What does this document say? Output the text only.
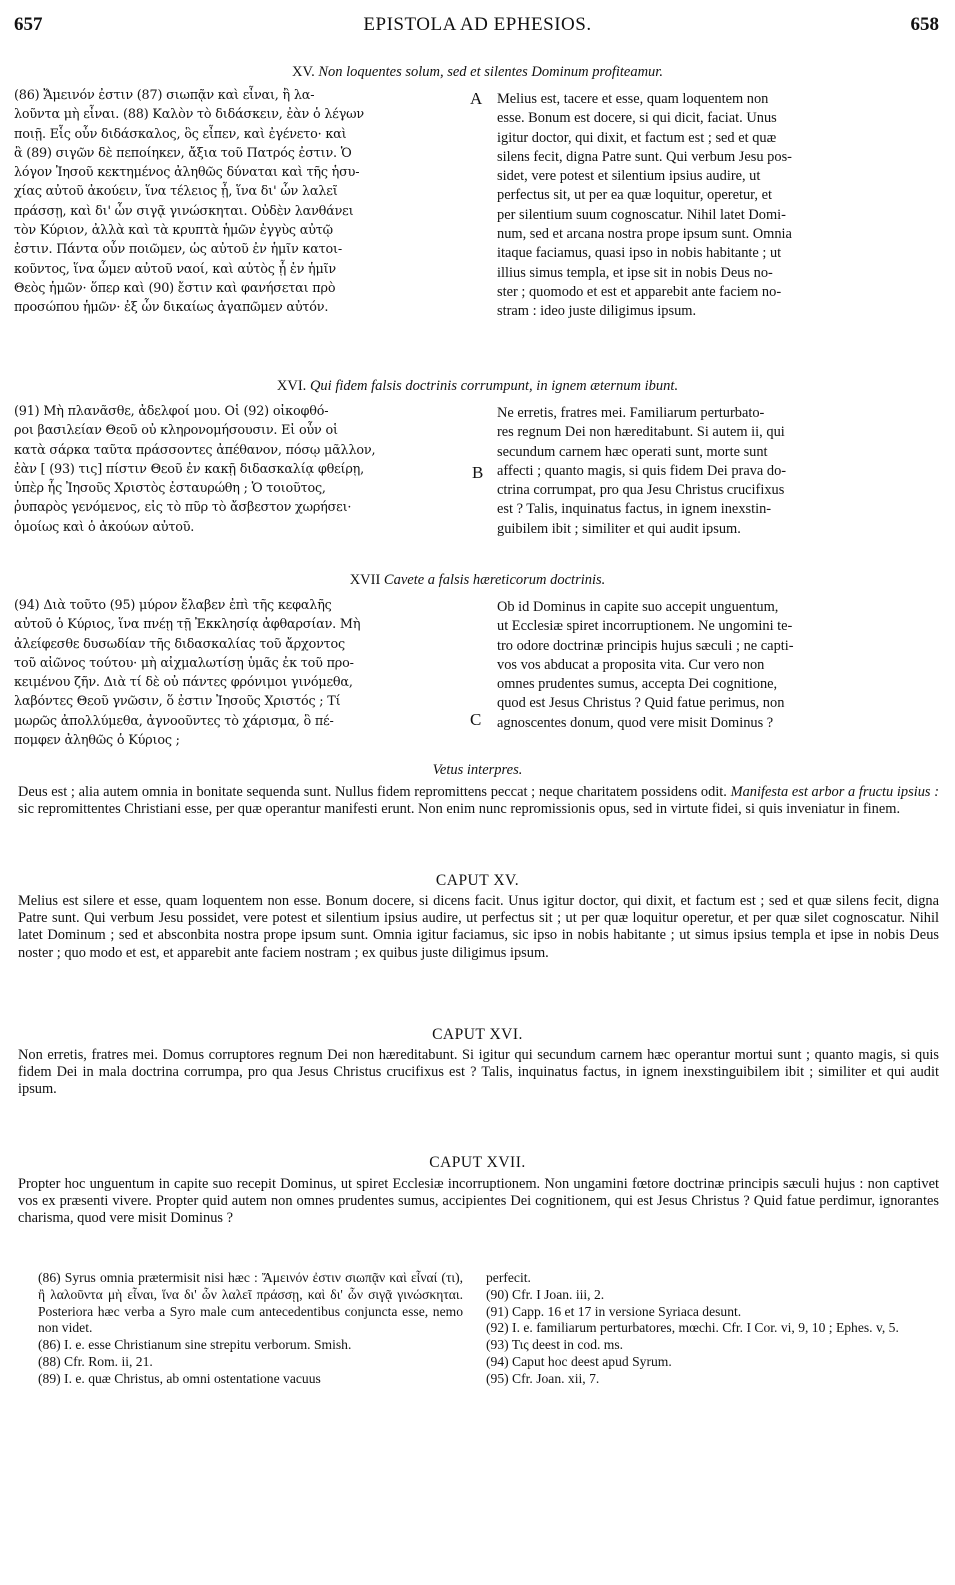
657	EPISTOLA AD EPHESIOS.	658
XV. Non loquentes solum, sed et silentes Dominum profiteamur.

(86) Ἄμεινόν ἐστιν (87) σιωπᾷν καὶ εἶναι, ἢ λα-

λοῦντα μὴ εἶναι. (88) Καλὸν τὸ διδάσκειν, ἐὰν ὁ λέγων

ποιῇ. Εἷς οὖν διδάσκαλος, ὃς εἶπεν, καὶ ἐγένετο· καὶ

ἃ (89) σιγῶν δὲ πεποίηκεν, ἄξια τοῦ Πατρός ἐστιν. Ὁ

λόγον Ἰησοῦ κεκτημένος ἀληθῶς δύναται καὶ τῆς ἡσυ-

χίας αὐτοῦ ἀκούειν, ἵνα τέλειος ᾖ, ἵνα δι' ὧν λαλεῖ

πράσσῃ, καὶ δι' ὧν σιγᾷ γινώσκηται. Οὐδὲν λανθάνει

τὸν Κύριον, ἀλλὰ καὶ τὰ κρυπτὰ ἡμῶν ἐγγὺς αὐτῷ

ἐστιν. Πάντα οὖν ποιῶμεν, ὡς αὐτοῦ ἐν ἡμῖν κατοι-

κοῦντος, ἵνα ὦμεν αὐτοῦ ναοί, καὶ αὐτὸς ᾖ ἐν ἡμῖν

Θεὸς ἡμῶν· ὅπερ καὶ (90) ἔστιν καὶ φανήσεται πρὸ

προσώπου ἡμῶν· ἐξ ὧν δικαίως ἀγαπῶμεν αὐτόν.

A Melius est, tacere et esse, quam loquentem non

esse. Bonum est docere, si qui dicit, faciat. Unus

igitur doctor, qui dixit, et factum est ; sed et quæ

silens fecit, digna Patre sunt. Qui verbum Jesu pos-

sidet, vere potest et silentium ipsius audire, ut

perfectus sit, ut per ea quæ loquitur, operetur, et

per silentium suum cognoscatur. Nihil latet Domi-

num, sed et arcana nostra prope ipsum sunt. Omnia

itaque faciamus, quasi ipso in nobis habitante ; ut

illius simus templa, et ipse sit in nobis Deus no-

ster ; quomodo et est et apparebit ante faciem no-

stram : ideo juste diligimus ipsum.

XVI. Qui fidem falsis doctrinis corrumpunt, in ignem æternum ibunt.

(91) Μὴ πλανᾶσθε, ἀδελφοί μου. Οἱ (92) οἰκοφθό-

ροι βασιλείαν Θεοῦ οὐ κληρονομήσουσιν. Εἰ οὖν οἱ

κατὰ σάρκα ταῦτα πράσσοντες ἀπέθανον, πόσῳ μᾶλλον,

ἐὰν [ (93) τις] πίστιν Θεοῦ ἐν κακῇ διδασκαλίᾳ φθείρῃ,

ὑπὲρ ἧς Ἰησοῦς Χριστὸς ἐσταυρώθη ; Ὁ τοιοῦτος,

ῥυπαρὸς γενόμενος, εἰς τὸ πῦρ τὸ ἄσβεστον χωρήσει·

ὁμοίως καὶ ὁ ἀκούων αὐτοῦ.

B

Ne erretis, fratres mei. Familiarum perturbato-

res regnum Dei non hæreditabunt. Si autem ii, qui

secundum carnem hæc operati sunt, morte sunt

affecti ; quanto magis, si quis fidem Dei prava do-

ctrina corrumpat, pro qua Jesu Christus crucifixus

est ? Talis, inquinatus factus, in ignem inexstin-

guibilem ibit ; similiter et qui audit ipsum.

XVII Cavete a falsis hæreticorum doctrinis.

(94) Διὰ τοῦτο (95) μύρον ἔλαβεν ἐπὶ τῆς κεφαλῆς

αὐτοῦ ὁ Κύριος, ἵνα πνέῃ τῇ Ἐκκλησίᾳ ἀφθαρσίαν. Μὴ

ἀλείφεσθε δυσωδίαν τῆς διδασκαλίας τοῦ ἄρχοντος

τοῦ αἰῶνος τούτου· μὴ αἰχμαλωτίσῃ ὑμᾶς ἐκ τοῦ προ-

κειμένου ζῆν. Διὰ τί δὲ οὐ πάντες φρόνιμοι γινόμεθα,

λαβόντες Θεοῦ γνῶσιν, ὅ ἐστιν Ἰησοῦς Χριστός ; Τί

μωρῶς ἀπολλύμεθα, ἀγνοοῦντες τὸ χάρισμα, ὃ πέ-

πομφεν ἀληθῶς ὁ Κύριος ;

C

Ob id Dominus in capite suo accepit unguentum,

ut Ecclesiæ spiret incorruptionem. Ne ungomini te-

tro odore doctrinæ principis hujus sæculi ; ne capti-

vos vos abducat a proposita vita. Cur vero non

omnes prudentes sumus, accepta Dei cognitione,

quod est Jesus Christus ? Quid fatue perimus, non

agnoscentes donum, quod vere misit Dominus ?

Vetus interpres.

Deus est ; alia autem omnia in bonitate sequenda sunt. Nullus fidem repromittens peccat ; neque charitatem possidens odit. Manifesta est arbor a fructu ipsius : sic repromittentes Christiani esse, per quæ operantur manifesti erunt. Non enim nunc repromissionis opus, sed in virtute fidei, si quis inveniatur in finem.

CAPUT XV.

Melius est silere et esse, quam loquentem non esse. Bonum docere, si dicens facit. Unus igitur doctor, qui dixit, et factum est ; sed et quæ silens fecit, digna Patre sunt. Qui verbum Jesu possidet, vere potest et silentium ipsius audire, ut perfectus sit ; ut per quæ loquitur operetur, et per quæ silet cognoscatur. Nihil latet Dominum ; sed et absconbita nostra prope ipsum sunt. Omnia igitur faciamus, sic ipso in nobis habitante ; ut simus ipsius templa et ipse in nobis Deus noster ; quo modo et est, et apparebit ante faciem nostram ; ex quibus juste diligimus ipsum.

CAPUT XVI.

Non erretis, fratres mei. Domus corruptores regnum Dei non hæreditabunt. Si igitur qui secundum carnem hæc operantur mortui sunt ; quanto magis, si quis fidem Dei in mala doctrina corrumpa, pro qua Jesus Christus crucifixus est ? Talis, inquinatus factus, in ignem inexstinguibilem ibit ; similiter et qui audit ipsum.

CAPUT XVII.

Propter hoc unguentum in capite suo recepit Dominus, ut spiret Ecclesiæ incorruptionem. Non ungamini fœtore doctrinæ principis sæculi hujus : non captivet vos ex præsenti vivere. Propter quid autem non omnes prudentes sumus, accipientes Dei cognitionem, qui est Jesus Christus ? Quid fatue perdimur, ignorantes charisma, quod vere misit Dominus ?

(86) Syrus omnia prætermisit nisi hæc : Ἄμεινόν ἐστιν σιωπᾷν καὶ εἶναί (τι), ἢ λαλοῦντα μὴ εἶναι, ἵνα δι' ὧν λαλεῖ πράσσῃ, καὶ δι' ὧν σιγᾷ γινώσκηται. Posteriora hæc verba a Syro male cum antecedentibus conjuncta esse, nemo non videt.

(86) I. e. esse Christianum sine strepitu verborum. Smish.

(88) Cfr. Rom. ii, 21.

(89) I. e. quæ Christus, ab omni ostentatione vacuus

perfecit.

(90) Cfr. I Joan. iii, 2.

(91) Capp. 16 et 17 in versione Syriaca desunt.

(92) I. e. familiarum perturbatores, mœchi. Cfr. I Cor. vi, 9, 10 ; Ephes. v, 5.

(93) Τις deest in cod. ms.

(94) Caput hoc deest apud Syrum.

(95) Cfr. Joan. xii, 7.
